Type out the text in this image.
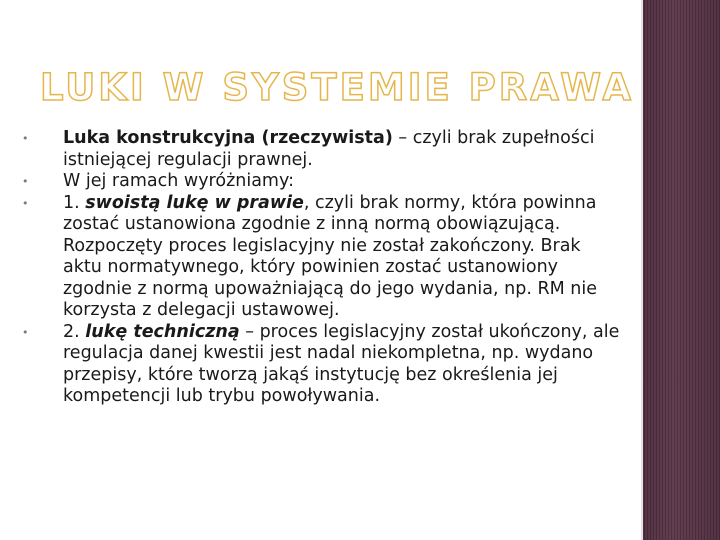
LUKI W SYSTEMIE PRAWA
•	Luka konstrukcyjna (rzeczywista) – czyli brak zupełności istniejącej regulacji prawnej.
•	W jej ramach wyróżniamy:
•	1. swoistą lukę w prawie, czyli brak normy, która powinna zostać ustanowiona zgodnie z inną normą obowiązującą. Rozpoczęty proces legislacyjny nie został zakończony. Brak aktu normatywnego, który powinien zostać ustanowiony zgodnie z normą upoważniającą do jego wydania, np. RM nie korzysta z delegacji ustawowej.
•	2. lukę techniczną – proces legislacyjny został ukończony, ale regulacja danej kwestii jest nadal niekompletna, np. wydano przepisy, które tworzą jakąś instytucję bez określenia jej kompetencji lub trybu powoływania.
